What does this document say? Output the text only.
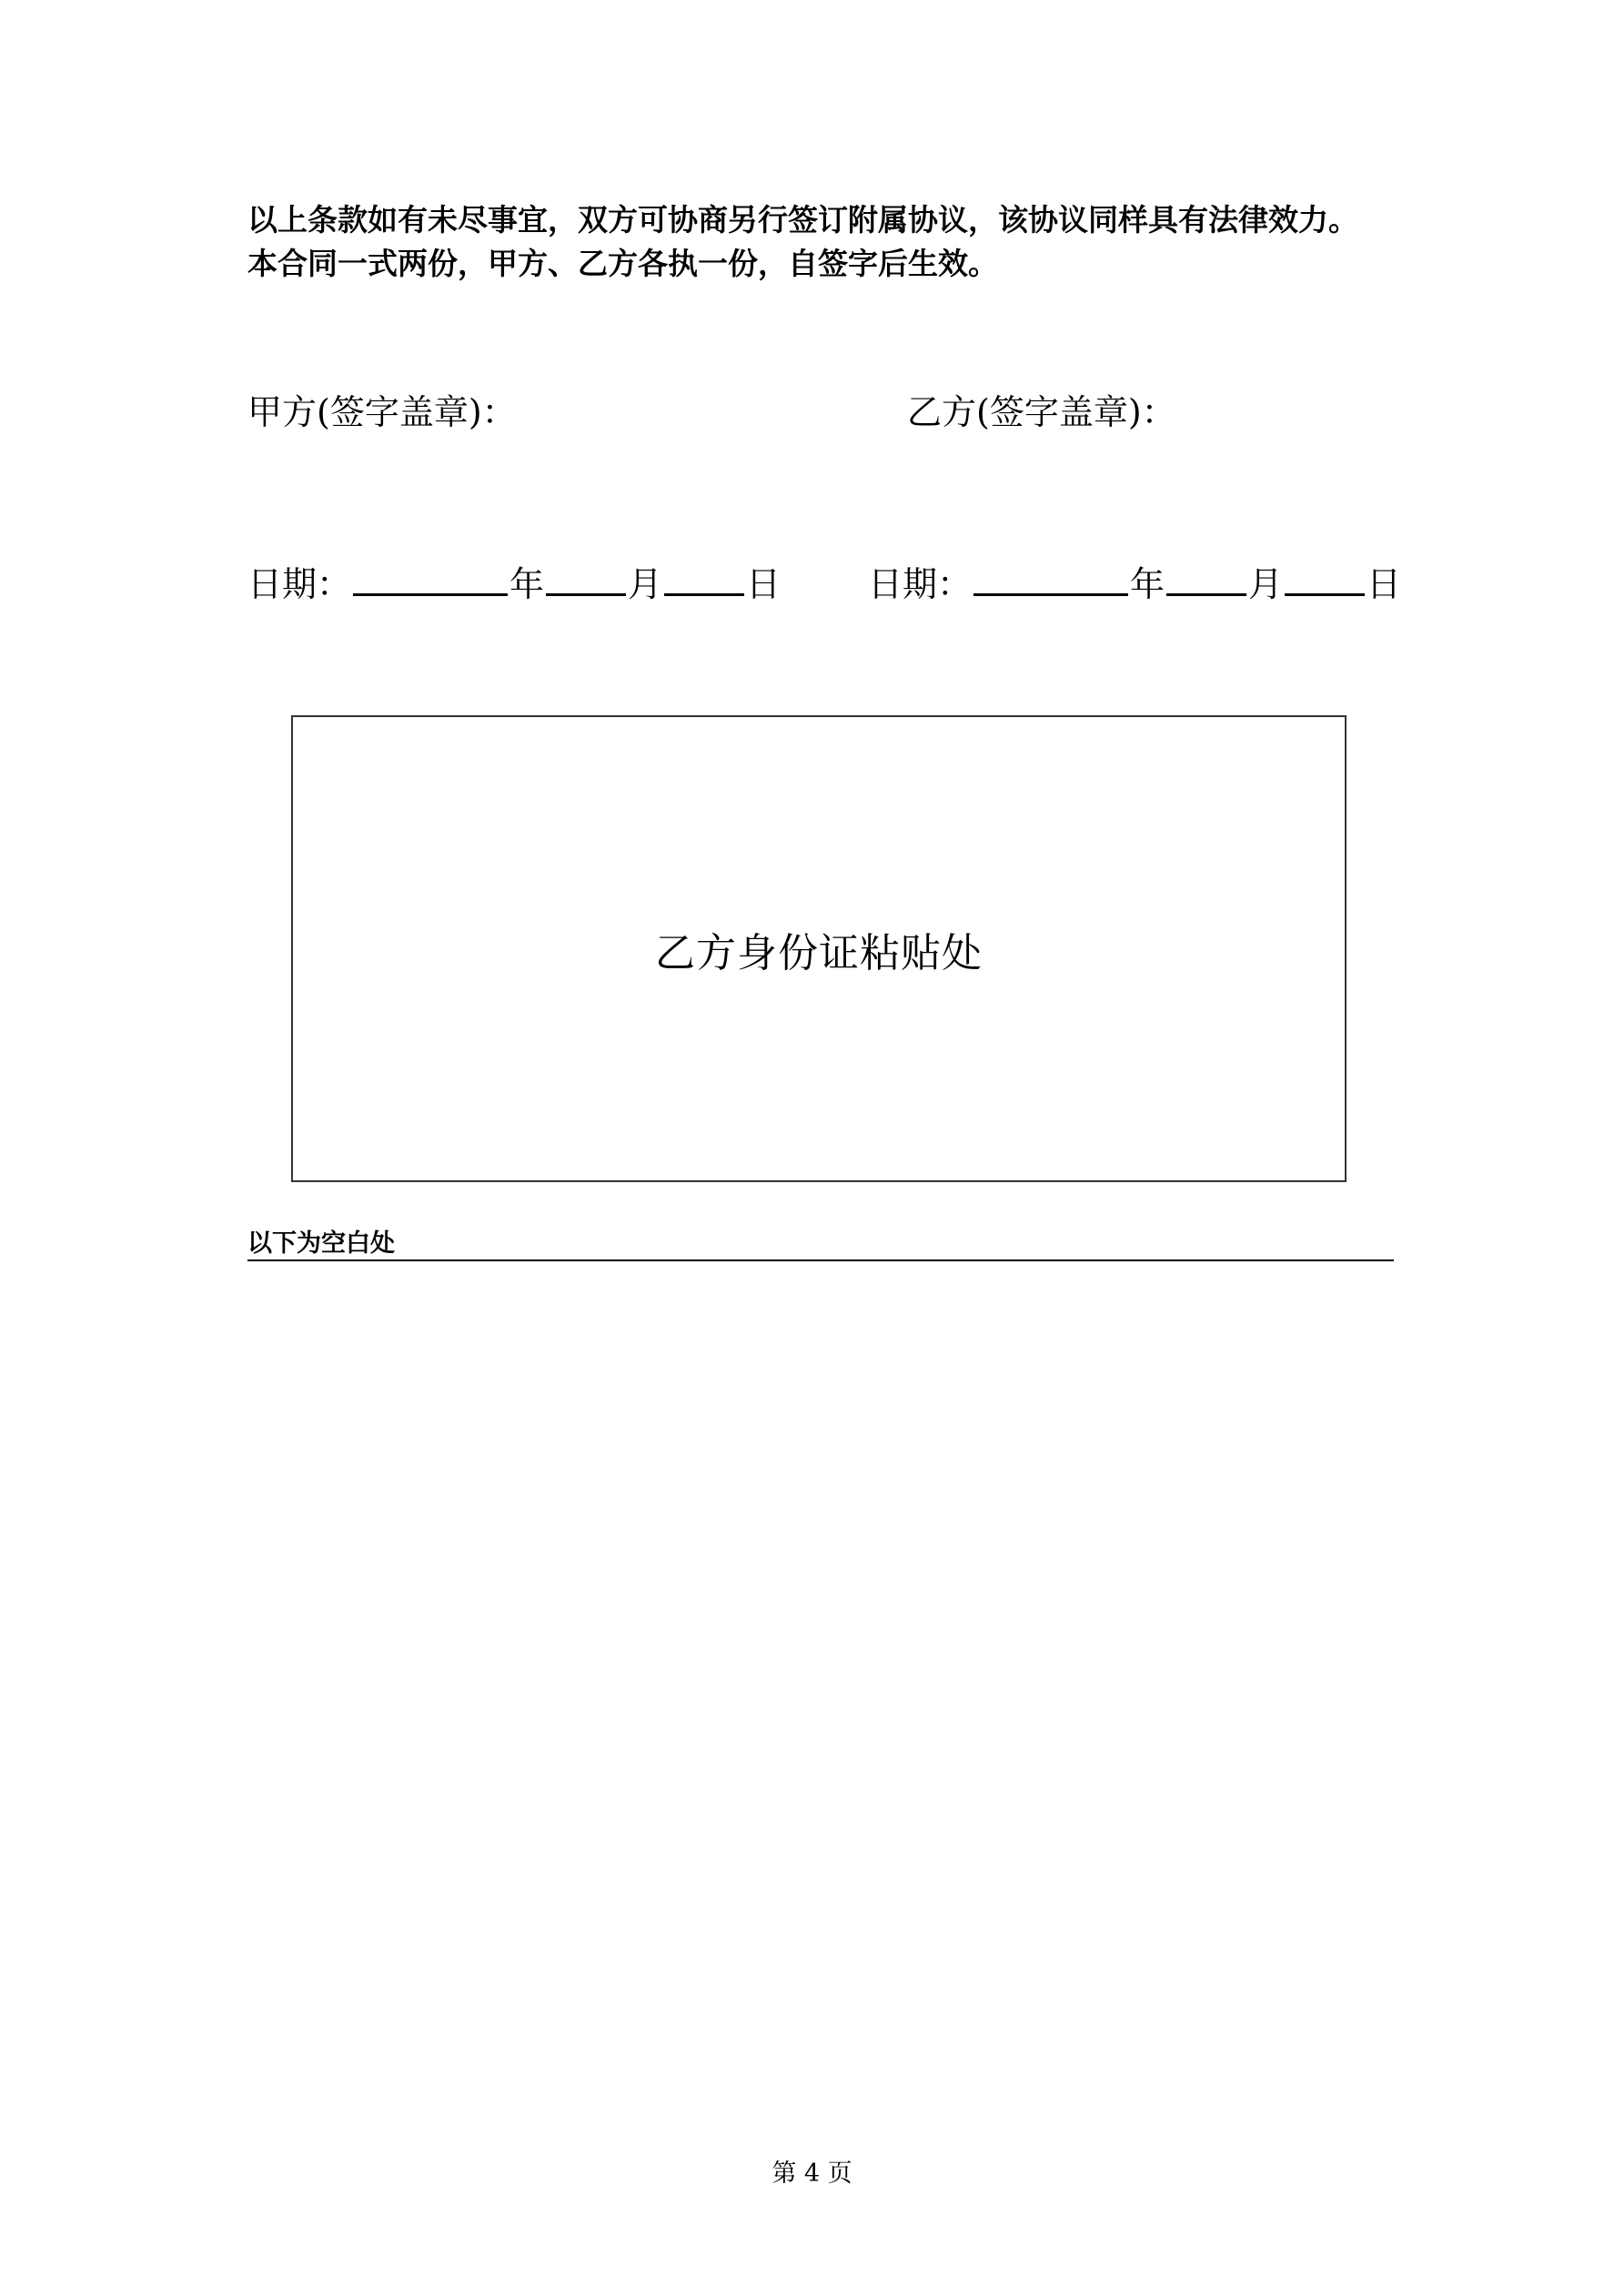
以上条款如有未尽事宜，双方可协商另行签订附属协议，该协议同样具有法律效力。

本合同一式两份，甲方、乙方各执一份，自签字后生效。

甲方(签字盖章)：	乙方(签字盖章)：
日期：	年 月 日	日期：	年 月 日
乙方身份证粘贴处
以下为空白处
第 4 页
